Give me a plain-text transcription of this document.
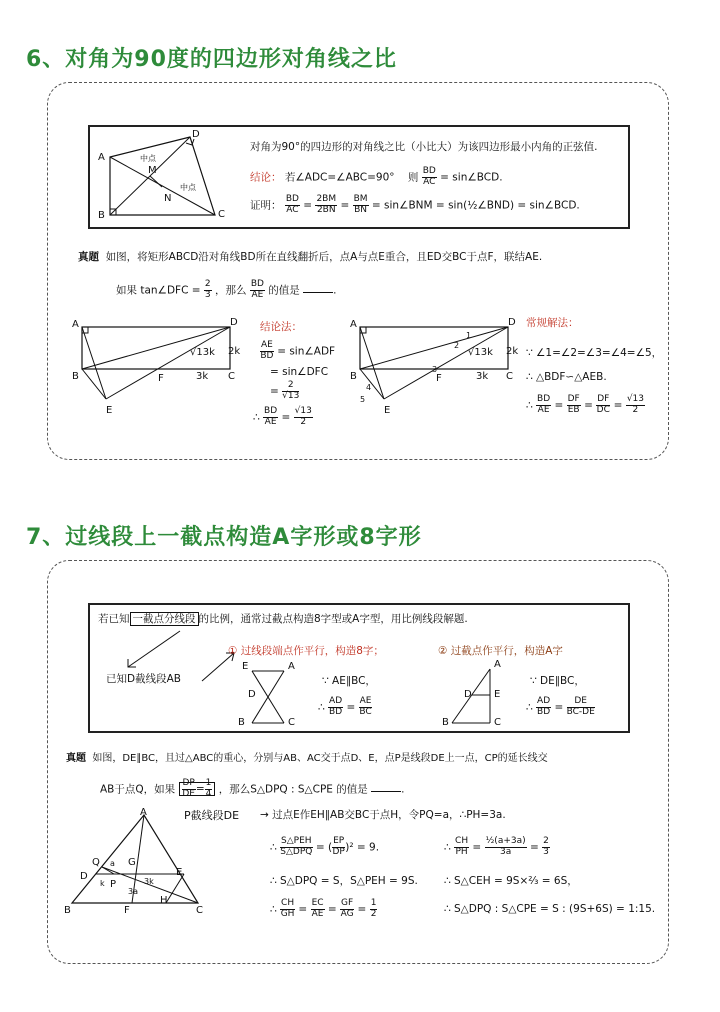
6、对角为90度的四边形对角线之比
A
B	C
D
M
N
中点
中点
对角为90°的四边形的对角线之比（小比大）为该四边形最小内角的正弦值.
结论： 若∠ADC=∠ABC=90° 则 $\frac{BD}{AC}$ = sin∠BCD.
证明： $\frac{BD}{AC} = \frac{2BM}{2BN} = \frac{BM}{BN}$ = sin∠BNM = sin(½∠BND) = sin∠BCD.
真题 如图，将矩形ABCD沿对角线BD所在直线翻折后，点A与点E重合，且ED交BC于点F，联结AE.
如果 tan∠DFC = $\frac{2}{3}$ ，那么 $\frac{BD}{AE}$ 的值是	.
A
B	C
D
E
F	3k
2k
√13k
结论法：
$\frac{AE}{BD}$ = sin∠ADF
= sin∠DFC
= $\frac{2}{√13}$
∴ $\frac{BD}{AE} = \frac{√13}{2}$
A
B	C
D
E
F	3k
2k
√13k
4
5
2
1
3
常规解法：
∵ ∠1=∠2=∠3=∠4=∠5，
∴ △BDF∽△AEB.
∴ $\frac{BD}{AE} = \frac{DF}{EB} = \frac{DF}{DC} = \frac{√13}{2}$
7、过线段上一截点构造A字形或8字形
若已知 一截点分线段 的比例，通常过截点构造8字型或A字型，用比例线段解题.
已知D截线段AB
① 过线段端点作平行，构造8字；	② 过截点作平行，构造A字
E	A
D
B	C
∵ AE∥BC，
∴ $\frac{AD}{BD} = \frac{AE}{BC}$
A
D E
B	C
∵ DE∥BC，
∴ $\frac{AD}{BD} = \frac{DE}{BC-DE}$
真题 如图，DE∥BC，且过△ABC的重心，分别与AB、AC交于点D、E，点P是线段DE上一点，CP的延长线交
AB于点Q，如果 $\frac{DP}{DE} = \frac{1}{4}$ ，那么S△DPQ : S△CPE 的值是	.
A
B	C
D	E
F
G
H
P
Q a
k	3k
3a
P截线段DE → 过点E作EH∥AB交BC于点H，令PQ=a，∴PH=3a.
∴ $\frac{\text{S△PEH}}{\text{S△DPQ}}$ = ( $\frac{EP}{DP} )^2 = 9$.
∴ S△DPQ = S，S△PEH = 9S.
∴ $\frac{CH}{GH} = \frac{EC}{AE} = \frac{GF}{AG} = \frac{1}{2}$
∴ $\frac{CH}{PH} = \frac{\text{½(a+3a)}}{3a} = \frac{2}{3}$
∴ S△CEH = 9S×⅔ = 6S，
∴ S△DPQ : S△CPE = S : (9S+6S) = 1:15.
